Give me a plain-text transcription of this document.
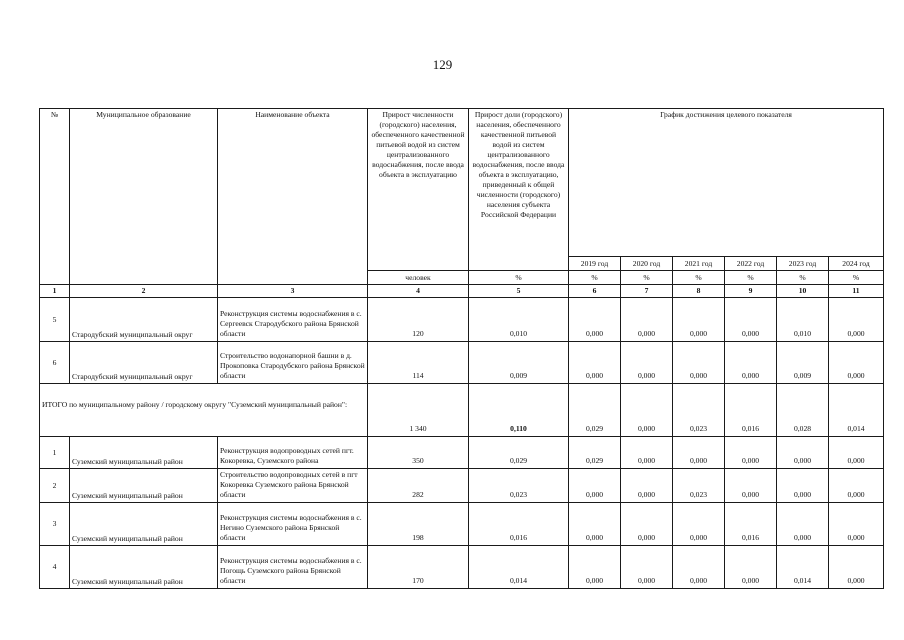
129
№	Муниципальное образование	Наименование объекта	Прирост численности (городского) населения, обеспеченного качественной питьевой водой из систем централизованного водоснабжения, после ввода объекта в эксплуатацию	Прирост доли (городского) населения, обеспеченного качественной питьевой водой из систем централизованного водоснабжения, после ввода объекта в эксплуатацию, приведенный к общей численности (городского) населения субъекта Российской Федерации	График достижения целевого показателя					
					2019 год	2020 год	2021 год	2022 год	2023 год	2024 год
			человек	%	%	%	%	%	%	%
1	2	3	4	5	6	7	8	9	10	11
5	Стародубский муниципальный округ	Реконструкция системы водоснабжения в с. Сергеевск Стародубского района Брянской области	120	0,010	0,000	0,000	0,000	0,000	0,010	0,000
6	Стародубский муниципальный округ	Строительство водонапорной башни в д. Прокоповка Стародубского района Брянской области	114	0,009	0,000	0,000	0,000	0,000	0,009	0,000
ИТОГО по муниципальному району / городскому округу "Суземский муниципальный район":			1 340	0,110	0,029	0,000	0,023	0,016	0,028	0,014
1	Суземский муниципальный район	Реконструкция водопроводных сетей пгт. Кокоревка, Суземского района	350	0,029	0,029	0,000	0,000	0,000	0,000	0,000
2	Суземский муниципальный район	Строительство водопроводных сетей в пгт Кокоревка Суземского района Брянской области	282	0,023	0,000	0,000	0,023	0,000	0,000	0,000
3	Суземский муниципальный район	Реконструкция системы водоснабжения в с. Негино Суземского района Брянской области	198	0,016	0,000	0,000	0,000	0,016	0,000	0,000
4	Суземский муниципальный район	Реконструкция системы водоснабжения в с. Погощь Суземского района Брянской области	170	0,014	0,000	0,000	0,000	0,000	0,014	0,000
